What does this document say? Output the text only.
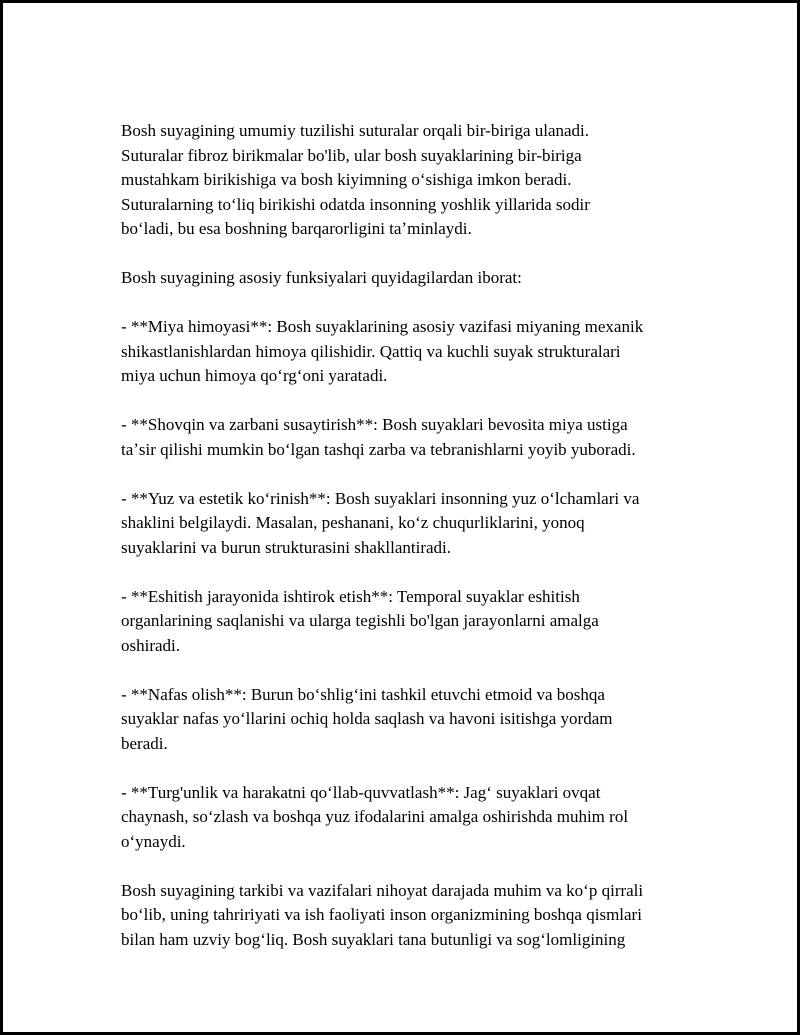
Bosh suyagining umumiy tuzilishi suturalar orqali bir-biriga ulanadi.
Suturalar fibroz birikmalar bo'lib, ular bosh suyaklarining bir-biriga
mustahkam birikishiga va bosh kiyimning oʻsishiga imkon beradi.
Suturalarning toʻliq birikishi odatda insonning yoshlik yillarida sodir
boʻladi, bu esa boshning barqarorligini taʼminlaydi.

Bosh suyagining asosiy funksiyalari quyidagilardan iborat:

- **Miya himoyasi**: Bosh suyaklarining asosiy vazifasi miyaning mexanik
shikastlanishlardan himoya qilishidir. Qattiq va kuchli suyak strukturalari
miya uchun himoya qoʻrgʻoni yaratadi.

- **Shovqin va zarbani susaytirish**: Bosh suyaklari bevosita miya ustiga
taʼsir qilishi mumkin boʻlgan tashqi zarba va tebranishlarni yoyib yuboradi.

- **Yuz va estetik koʻrinish**: Bosh suyaklari insonning yuz oʻlchamlari va
shaklini belgilaydi. Masalan, peshanani, koʻz chuqurliklarini, yonoq
suyaklarini va burun strukturasini shakllantiradi.

- **Eshitish jarayonida ishtirok etish**: Temporal suyaklar eshitish
organlarining saqlanishi va ularga tegishli bo'lgan jarayonlarni amalga
oshiradi.

- **Nafas olish**: Burun boʻshligʻini tashkil etuvchi etmoid va boshqa
suyaklar nafas yoʻllarini ochiq holda saqlash va havoni isitishga yordam
beradi.

- **Turg'unlik va harakatni qoʻllab-quvvatlash**: Jagʻ suyaklari ovqat
chaynash, soʻzlash va boshqa yuz ifodalarini amalga oshirishda muhim rol
oʻynaydi.

Bosh suyagining tarkibi va vazifalari nihoyat darajada muhim va koʻp qirrali
boʻlib, uning tahririyati va ish faoliyati inson organizmining boshqa qismlari
bilan ham uzviy bogʻliq. Bosh suyaklari tana butunligi va sogʻlomligining
